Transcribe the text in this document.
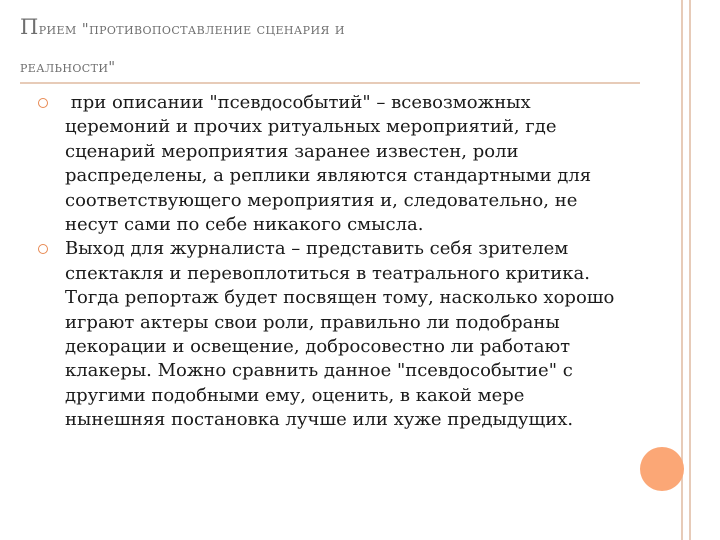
Прием "противопоставление сценария и
реальности"
при описании "псевдособытий" – всевозможных
церемоний и прочих ритуальных мероприятий, где
сценарий мероприятия заранее известен, роли
распределены, а реплики являются стандартными для
соответствующего мероприятия и, следовательно, не
несут сами по себе никакого смысла.
Выход для журналиста – представить себя зрителем
спектакля и перевоплотиться в театрального критика.
Тогда репортаж будет посвящен тому, насколько хорошо
играют актеры свои роли, правильно ли подобраны
декорации и освещение, добросовестно ли работают
клакеры. Можно сравнить данное "псевдособытие" с
другими подобными ему, оценить, в какой мере
нынешняя постановка лучше или хуже предыдущих.
